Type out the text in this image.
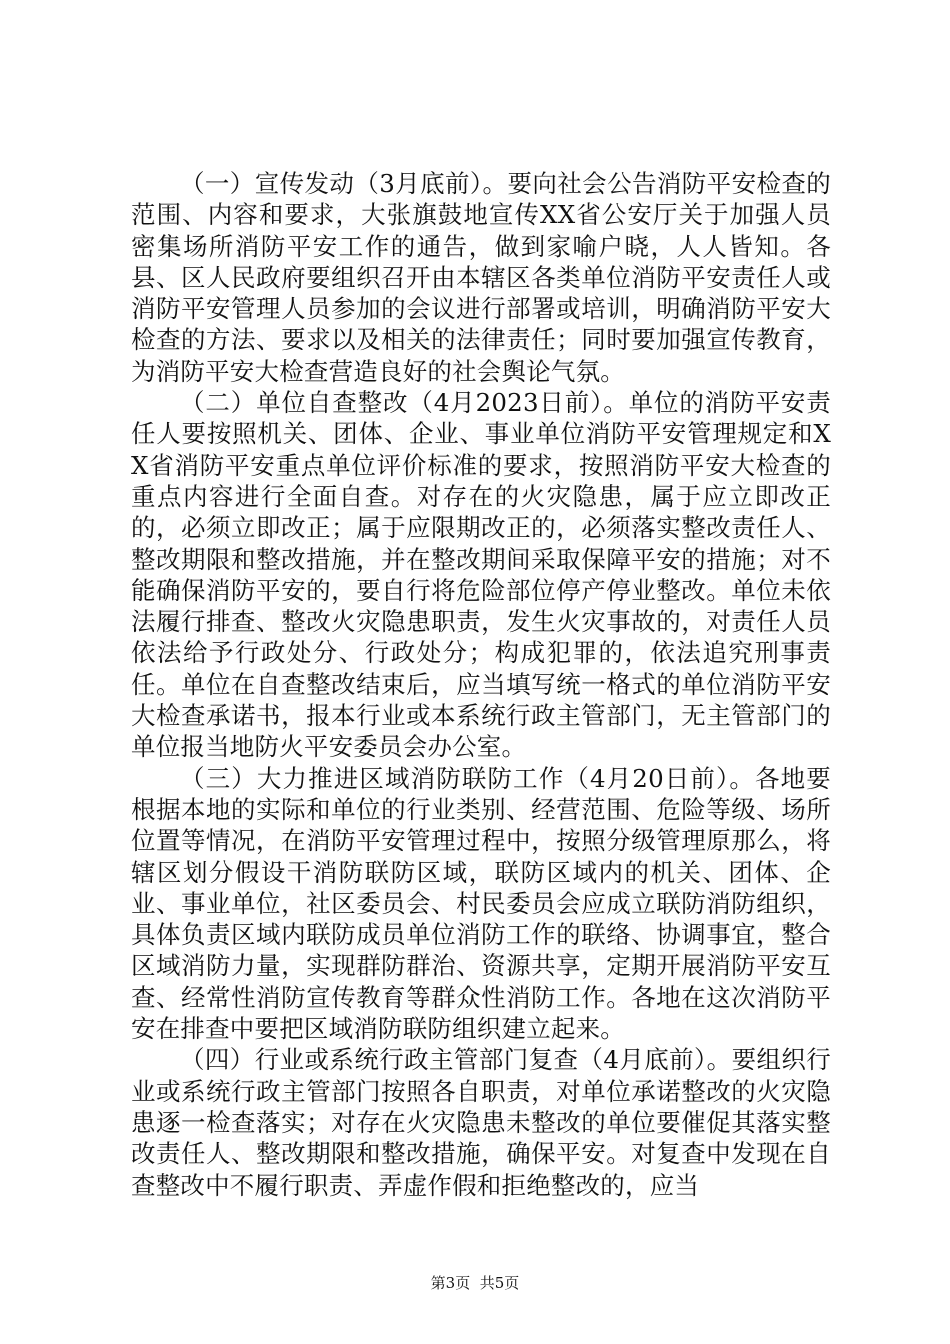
（一）宣传发动（3月底前）。要向社会公告消防平安检查的范围、内容和要求，大张旗鼓地宣传XX省公安厅关于加强人员密集场所消防平安工作的通告，做到家喻户晓，人人皆知。各县、区人民政府要组织召开由本辖区各类单位消防平安责任人或消防平安管理人员参加的会议进行部署或培训，明确消防平安大检查的方法、要求以及相关的法律责任；同时要加强宣传教育，为消防平安大检查营造良好的社会舆论气氛。

（二）单位自查整改（4月2023日前）。单位的消防平安责任人要按照机关、团体、企业、事业单位消防平安管理规定和XX省消防平安重点单位评价标准的要求，按照消防平安大检查的重点内容进行全面自查。对存在的火灾隐患，属于应立即改正的，必须立即改正；属于应限期改正的，必须落实整改责任人、整改期限和整改措施，并在整改期间采取保障平安的措施；对不能确保消防平安的，要自行将危险部位停产停业整改。单位未依法履行排查、整改火灾隐患职责，发生火灾事故的，对责任人员依法给予行政处分、行政处分；构成犯罪的，依法追究刑事责任。单位在自查整改结束后，应当填写统一格式的单位消防平安大检查承诺书，报本行业或本系统行政主管部门，无主管部门的单位报当地防火平安委员会办公室。

（三）大力推进区域消防联防工作（4月20日前）。各地要根据本地的实际和单位的行业类别、经营范围、危险等级、场所位置等情况，在消防平安管理过程中，按照分级管理原那么，将辖区划分假设干消防联防区域，联防区域内的机关、团体、企业、事业单位，社区委员会、村民委员会应成立联防消防组织，具体负责区域内联防成员单位消防工作的联络、协调事宜，整合区域消防力量，实现群防群治、资源共享，定期开展消防平安互查、经常性消防宣传教育等群众性消防工作。各地在这次消防平安在排查中要把区域消防联防组织建立起来。

（四）行业或系统行政主管部门复查（4月底前）。要组织行业或系统行政主管部门按照各自职责，对单位承诺整改的火灾隐患逐一检查落实；对存在火灾隐患未整改的单位要催促其落实整改责任人、整改期限和整改措施，确保平安。对复查中发现在自查整改中不履行职责、弄虚作假和拒绝整改的，应当

第3页 共5页
